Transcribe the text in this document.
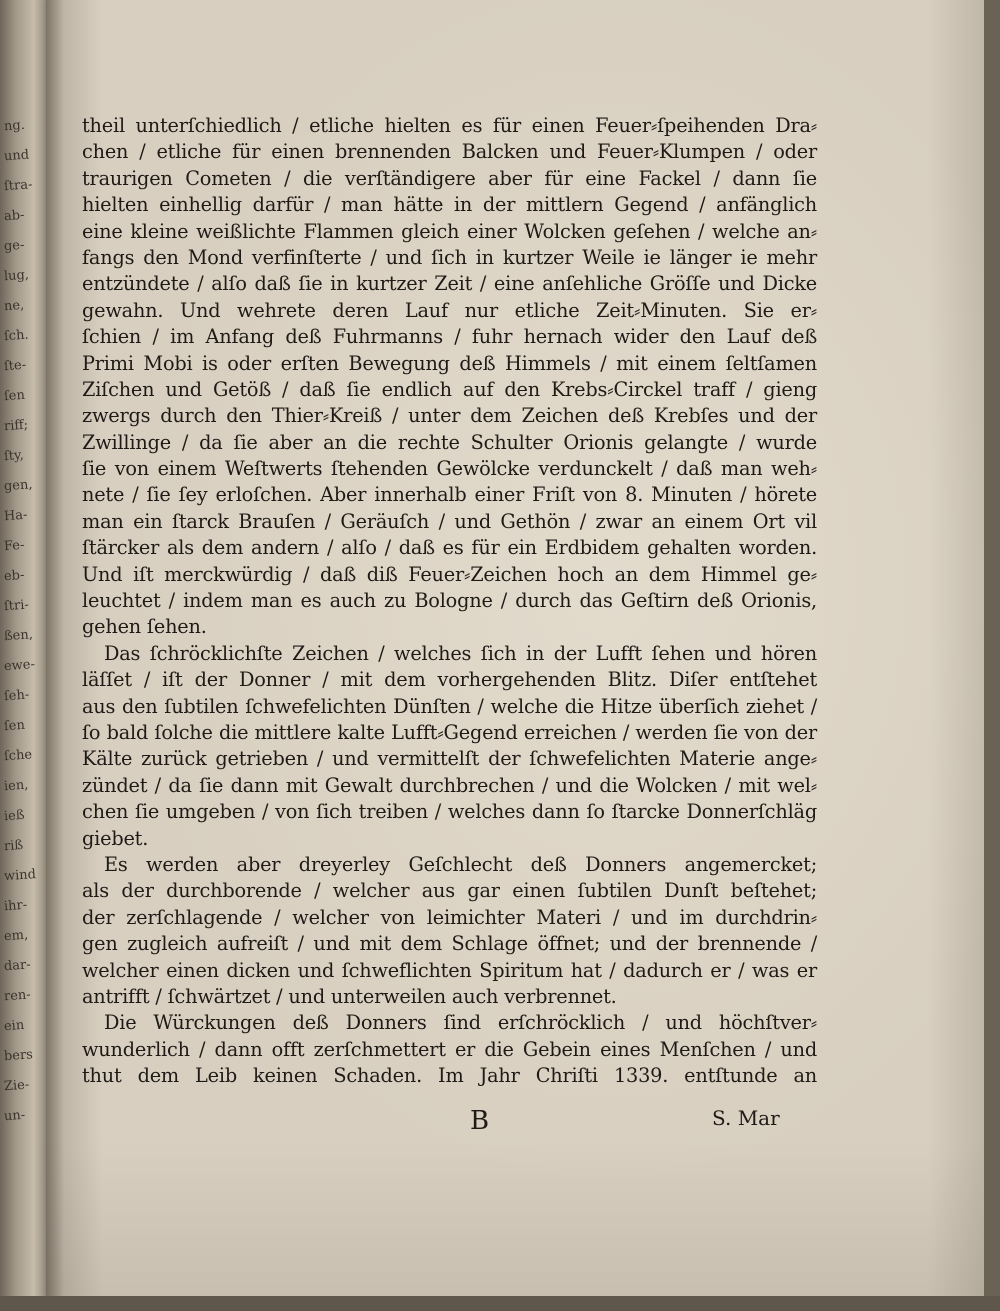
ng.
und
ſtra-
ab-
ge-
lug,
ne,
ſch.
ſte-
ſen
riff;
ſty,
gen,
Ha-
Fe-
eb-
ſtri-
ßen,
ewe-
ſeh-
ſen
ſche
ien,
ieß
riß
wind
ihr-
em,
dar-
ren-
ein
bers
Zie-
un-
theil unterſchiedlich / etliche hielten es für einen Feuer⸗ſpeihenden Dra⸗
chen / etliche für einen brennenden Balcken und Feuer⸗Klumpen / oder
traurigen Cometen / die verſtändigere aber für eine Fackel / dann ſie
hielten einhellig darfür / man hätte in der mittlern Gegend / anfänglich
eine kleine weißlichte Flammen gleich einer Wolcken geſehen / welche an⸗
fangs den Mond verfinſterte / und ſich in kurtzer Weile ie länger ie mehr
entzündete / alſo daß ſie in kurtzer Zeit / eine anſehliche Gröſſe und Dicke
gewahn. Und wehrete deren Lauf nur etliche Zeit⸗Minuten. Sie er⸗
ſchien / im Anfang deß Fuhrmanns / fuhr hernach wider den Lauf deß
Primi Mobi is oder erſten Bewegung deß Himmels / mit einem ſeltſamen
Ziſchen und Getöß / daß ſie endlich auf den Krebs⸗Circkel traff / gieng
zwergs durch den Thier⸗Kreiß / unter dem Zeichen deß Krebſes und der
Zwillinge / da ſie aber an die rechte Schulter Orionis gelangte / wurde
ſie von einem Weſtwerts ſtehenden Gewölcke verdunckelt / daß man weh⸗
nete / ſie ſey erloſchen. Aber innerhalb einer Friſt von 8. Minuten / hörete
man ein ſtarck Brauſen / Geräuſch / und Gethön / zwar an einem Ort vil
ſtärcker als dem andern / alſo / daß es für ein Erdbidem gehalten worden.
Und iſt merckwürdig / daß diß Feuer⸗Zeichen hoch an dem Himmel ge⸗
leuchtet / indem man es auch zu Bologne / durch das Geſtirn deß Orionis,
gehen ſehen.
Das ſchröcklichſte Zeichen / welches ſich in der Lufft ſehen und hören
läſſet / iſt der Donner / mit dem vorhergehenden Blitz. Diſer entſtehet
aus den ſubtilen ſchwefelichten Dünſten / welche die Hitze überſich ziehet /
ſo bald ſolche die mittlere kalte Lufft⸗Gegend erreichen / werden ſie von der
Kälte zurück getrieben / und vermittelſt der ſchwefelichten Materie ange⸗
zündet / da ſie dann mit Gewalt durchbrechen / und die Wolcken / mit wel⸗
chen ſie umgeben / von ſich treiben / welches dann ſo ſtarcke Donnerſchläg
giebet.
Es werden aber dreyerley Geſchlecht deß Donners angemercket;
als der durchborende / welcher aus gar einen ſubtilen Dunſt beſtehet;
der zerſchlagende / welcher von leimichter Materi / und im durchdrin⸗
gen zugleich aufreiſt / und mit dem Schlage öffnet; und der brennende /
welcher einen dicken und ſchweflichten Spiritum hat / dadurch er / was er
antrifft / ſchwärtzet / und unterweilen auch verbrennet.
Die Würckungen deß Donners ſind erſchröcklich / und höchſtver⸗
wunderlich / dann offt zerſchmettert er die Gebein eines Menſchen / und
thut dem Leib keinen Schaden. Im Jahr Chriſti 1339. entſtunde an
B	S. Mar
